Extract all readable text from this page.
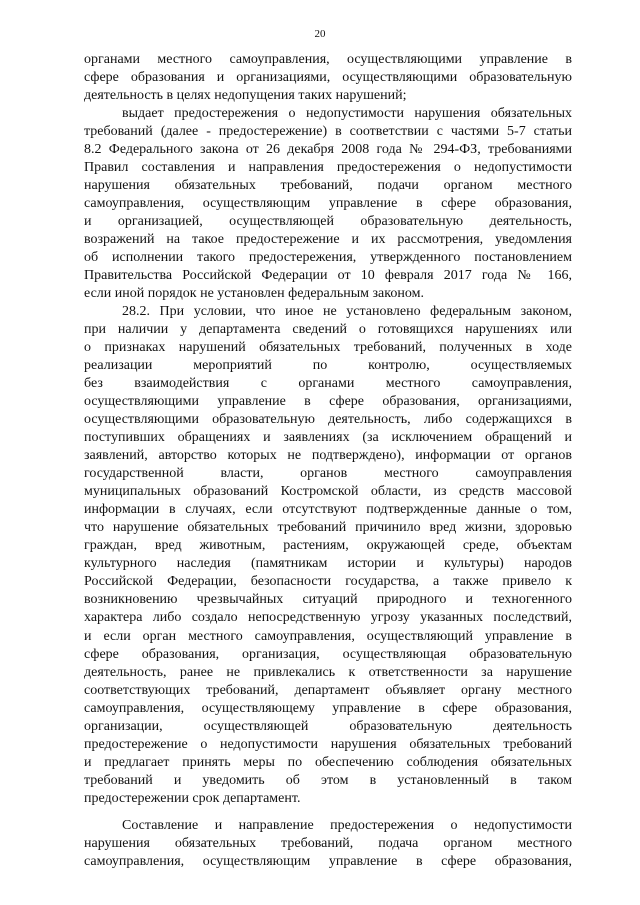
20
органами местного самоуправления, осуществляющими управление в
сфере образования и организациями, осуществляющими образовательную
деятельность в целях недопущения таких нарушений;
выдает предостережения о недопустимости нарушения обязательных
требований (далее - предостережение) в соответствии с частями 5-7 статьи
8.2 Федерального закона от 26 декабря 2008 года № 294-ФЗ, требованиями
Правил составления и направления предостережения о недопустимости
нарушения обязательных требований, подачи органом местного
самоуправления, осуществляющим управление в сфере образования,
и организацией, осуществляющей образовательную деятельность,
возражений на такое предостережение и их рассмотрения, уведомления
об исполнении такого предостережения, утвержденного постановлением
Правительства Российской Федерации от 10 февраля 2017 года № 166,
если иной порядок не установлен федеральным законом.
28.2. При условии, что иное не установлено федеральным законом,
при наличии у департамента сведений о готовящихся нарушениях или
о признаках нарушений обязательных требований, полученных в ходе
реализации мероприятий по контролю, осуществляемых
без взаимодействия с органами местного самоуправления,
осуществляющими управление в сфере образования, организациями,
осуществляющими образовательную деятельность, либо содержащихся в
поступивших обращениях и заявлениях (за исключением обращений и
заявлений, авторство которых не подтверждено), информации от органов
государственной власти, органов местного самоуправления
муниципальных образований Костромской области, из средств массовой
информации в случаях, если отсутствуют подтвержденные данные о том,
что нарушение обязательных требований причинило вред жизни, здоровью
граждан, вред животным, растениям, окружающей среде, объектам
культурного наследия (памятникам истории и культуры) народов
Российской Федерации, безопасности государства, а также привело к
возникновению чрезвычайных ситуаций природного и техногенного
характера либо создало непосредственную угрозу указанных последствий,
и если орган местного самоуправления, осуществляющий управление в
сфере образования, организация, осуществляющая образовательную
деятельность, ранее не привлекались к ответственности за нарушение
соответствующих требований, департамент объявляет органу местного
самоуправления, осуществляющему управление в сфере образования,
организации, осуществляющей образовательную деятельность
предостережение о недопустимости нарушения обязательных требований
и предлагает принять меры по обеспечению соблюдения обязательных
требований и уведомить об этом в установленный в таком
предостережении срок департамент.
Составление и направление предостережения о недопустимости
нарушения обязательных требований, подача органом местного
самоуправления, осуществляющим управление в сфере образования,
